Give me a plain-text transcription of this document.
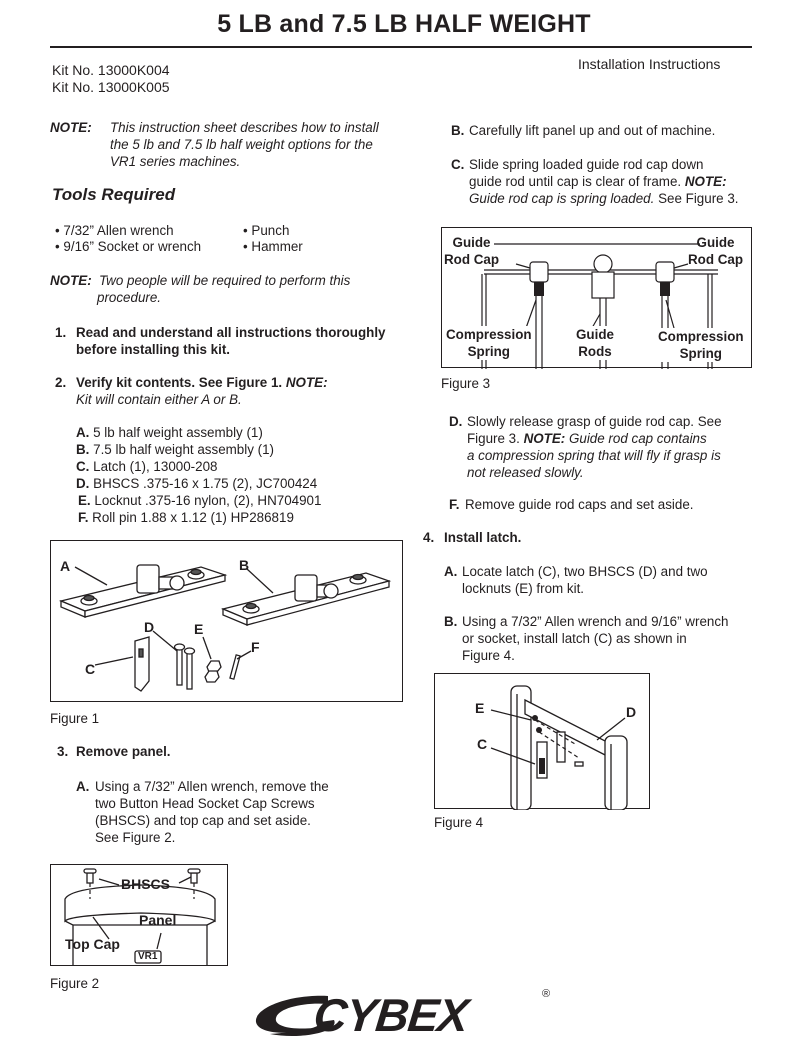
5 LB and 7.5 LB HALF WEIGHT
Kit No. 13000K004
Kit No. 13000K005
Installation Instructions
NOTE: This instruction sheet describes how to install
the 5 lb and 7.5 lb half weight options for the
VR1 series machines.
Tools Required
• 7/32” Allen wrench	• Punch
• 9/16” Socket or wrench	• Hammer
NOTE: Two people will be required to perform this
procedure.
1. Read and understand all instructions thoroughly
before installing this kit.
2. Verify kit contents. See Figure 1. NOTE:
Kit will contain either A or B.
A. 5 lb half weight assembly (1)
B. 7.5 lb half weight assembly (1)
C. Latch (1), 13000-208
D. BHSCS .375-16 x 1.75 (2), JC700424
E. Locknut .375-16 nylon, (2), HN704901
F. Roll pin 1.88 x 1.12 (1) HP286819
A	B
C
D	E
F
Figure 1
3. Remove panel.
A. Using a 7/32” Allen wrench, remove the
two Button Head Socket Cap Screws
(BHSCS) and top cap and set aside.
See Figure 2.
BHSCS
Panel
Top Cap
VR1
Figure 2
B. Carefully lift panel up and out of machine.
C. Slide spring loaded guide rod cap down
guide rod until cap is clear of frame. NOTE:
Guide rod cap is spring loaded. See Figure 3.
Guide
Rod Cap
Guide
Rod Cap
Compression
Spring
Guide
Rods
Compression
Spring
Figure 3
D. Slowly release grasp of guide rod cap. See
Figure 3. NOTE: Guide rod cap contains
a compression spring that will fly if grasp is
not released slowly.
F. Remove guide rod caps and set aside.
4. Install latch.
A. Locate latch (C), two BHSCS (D) and two
locknuts (E) from kit.
B. Using a 7/32” Allen wrench and 9/16” wrench
or socket, install latch (C) as shown in
Figure 4.
E	D
C
Figure 4
CYBEX	®
